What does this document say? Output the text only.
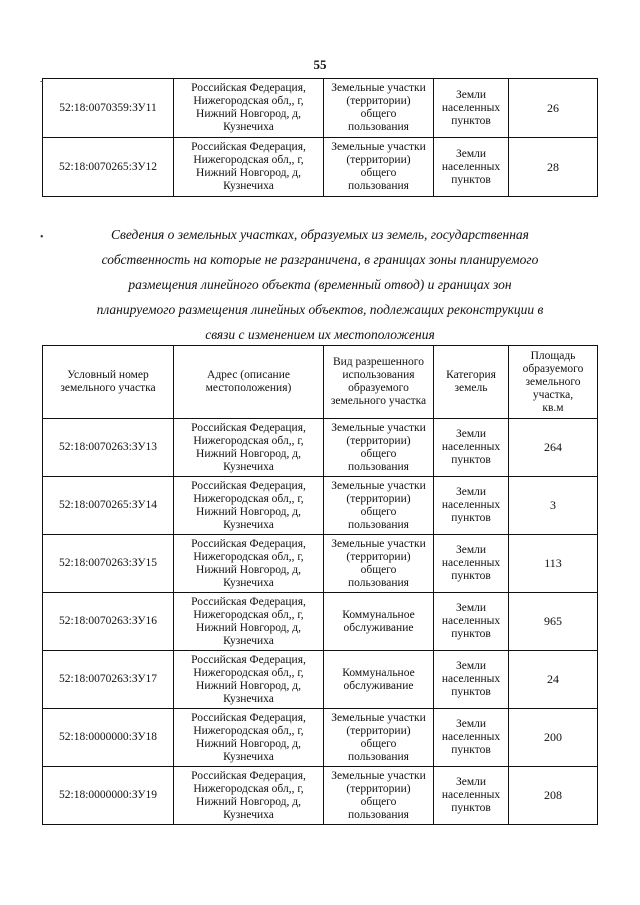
55
52:18:0070359:ЗУ11	Российская Федерация,
Нижегородская обл,, г,
Нижний Новгород, д,
Кузнечиха	Земельные участки
(территории)
общего
пользования	Земли
населенных
пунктов	26
52:18:0070265:ЗУ12	Российская Федерация,
Нижегородская обл,, г,
Нижний Новгород, д,
Кузнечиха	Земельные участки
(территории)
общего
пользования	Земли
населенных
пунктов	28
Сведения о земельных участках, образуемых из земель, государственная
собственность на которые не разграничена, в границах зоны планируемого
размещения линейного объекта (временный отвод) и границах зон
планируемого размещения линейных объектов, подлежащих реконструкции в
связи с изменением их местоположения
Условный номер
земельного участка	Адрес (описание
местоположения)	Вид разрешенного
использования
образуемого
земельного участка	Категория
земель	Площадь
образуемого
земельного
участка,
кв.м
52:18:0070263:ЗУ13	Российская Федерация,
Нижегородская обл,, г,
Нижний Новгород, д,
Кузнечиха	Земельные участки
(территории)
общего
пользования	Земли
населенных
пунктов	264
52:18:0070265:ЗУ14	Российская Федерация,
Нижегородская обл,, г,
Нижний Новгород, д,
Кузнечиха	Земельные участки
(территории)
общего
пользования	Земли
населенных
пунктов	3
52:18:0070263:ЗУ15	Российская Федерация,
Нижегородская обл,, г,
Нижний Новгород, д,
Кузнечиха	Земельные участки
(территории)
общего
пользования	Земли
населенных
пунктов	113
52:18:0070263:ЗУ16	Российская Федерация,
Нижегородская обл,, г,
Нижний Новгород, д,
Кузнечиха	Коммунальное
обслуживание	Земли
населенных
пунктов	965
52:18:0070263:ЗУ17	Российская Федерация,
Нижегородская обл,, г,
Нижний Новгород, д,
Кузнечиха	Коммунальное
обслуживание	Земли
населенных
пунктов	24
52:18:0000000:ЗУ18	Российская Федерация,
Нижегородская обл,, г,
Нижний Новгород, д,
Кузнечиха	Земельные участки
(территории)
общего
пользования	Земли
населенных
пунктов	200
52:18:0000000:ЗУ19	Российская Федерация,
Нижегородская обл,, г,
Нижний Новгород, д,
Кузнечиха	Земельные участки
(территории)
общего
пользования	Земли
населенных
пунктов	208
-
•
